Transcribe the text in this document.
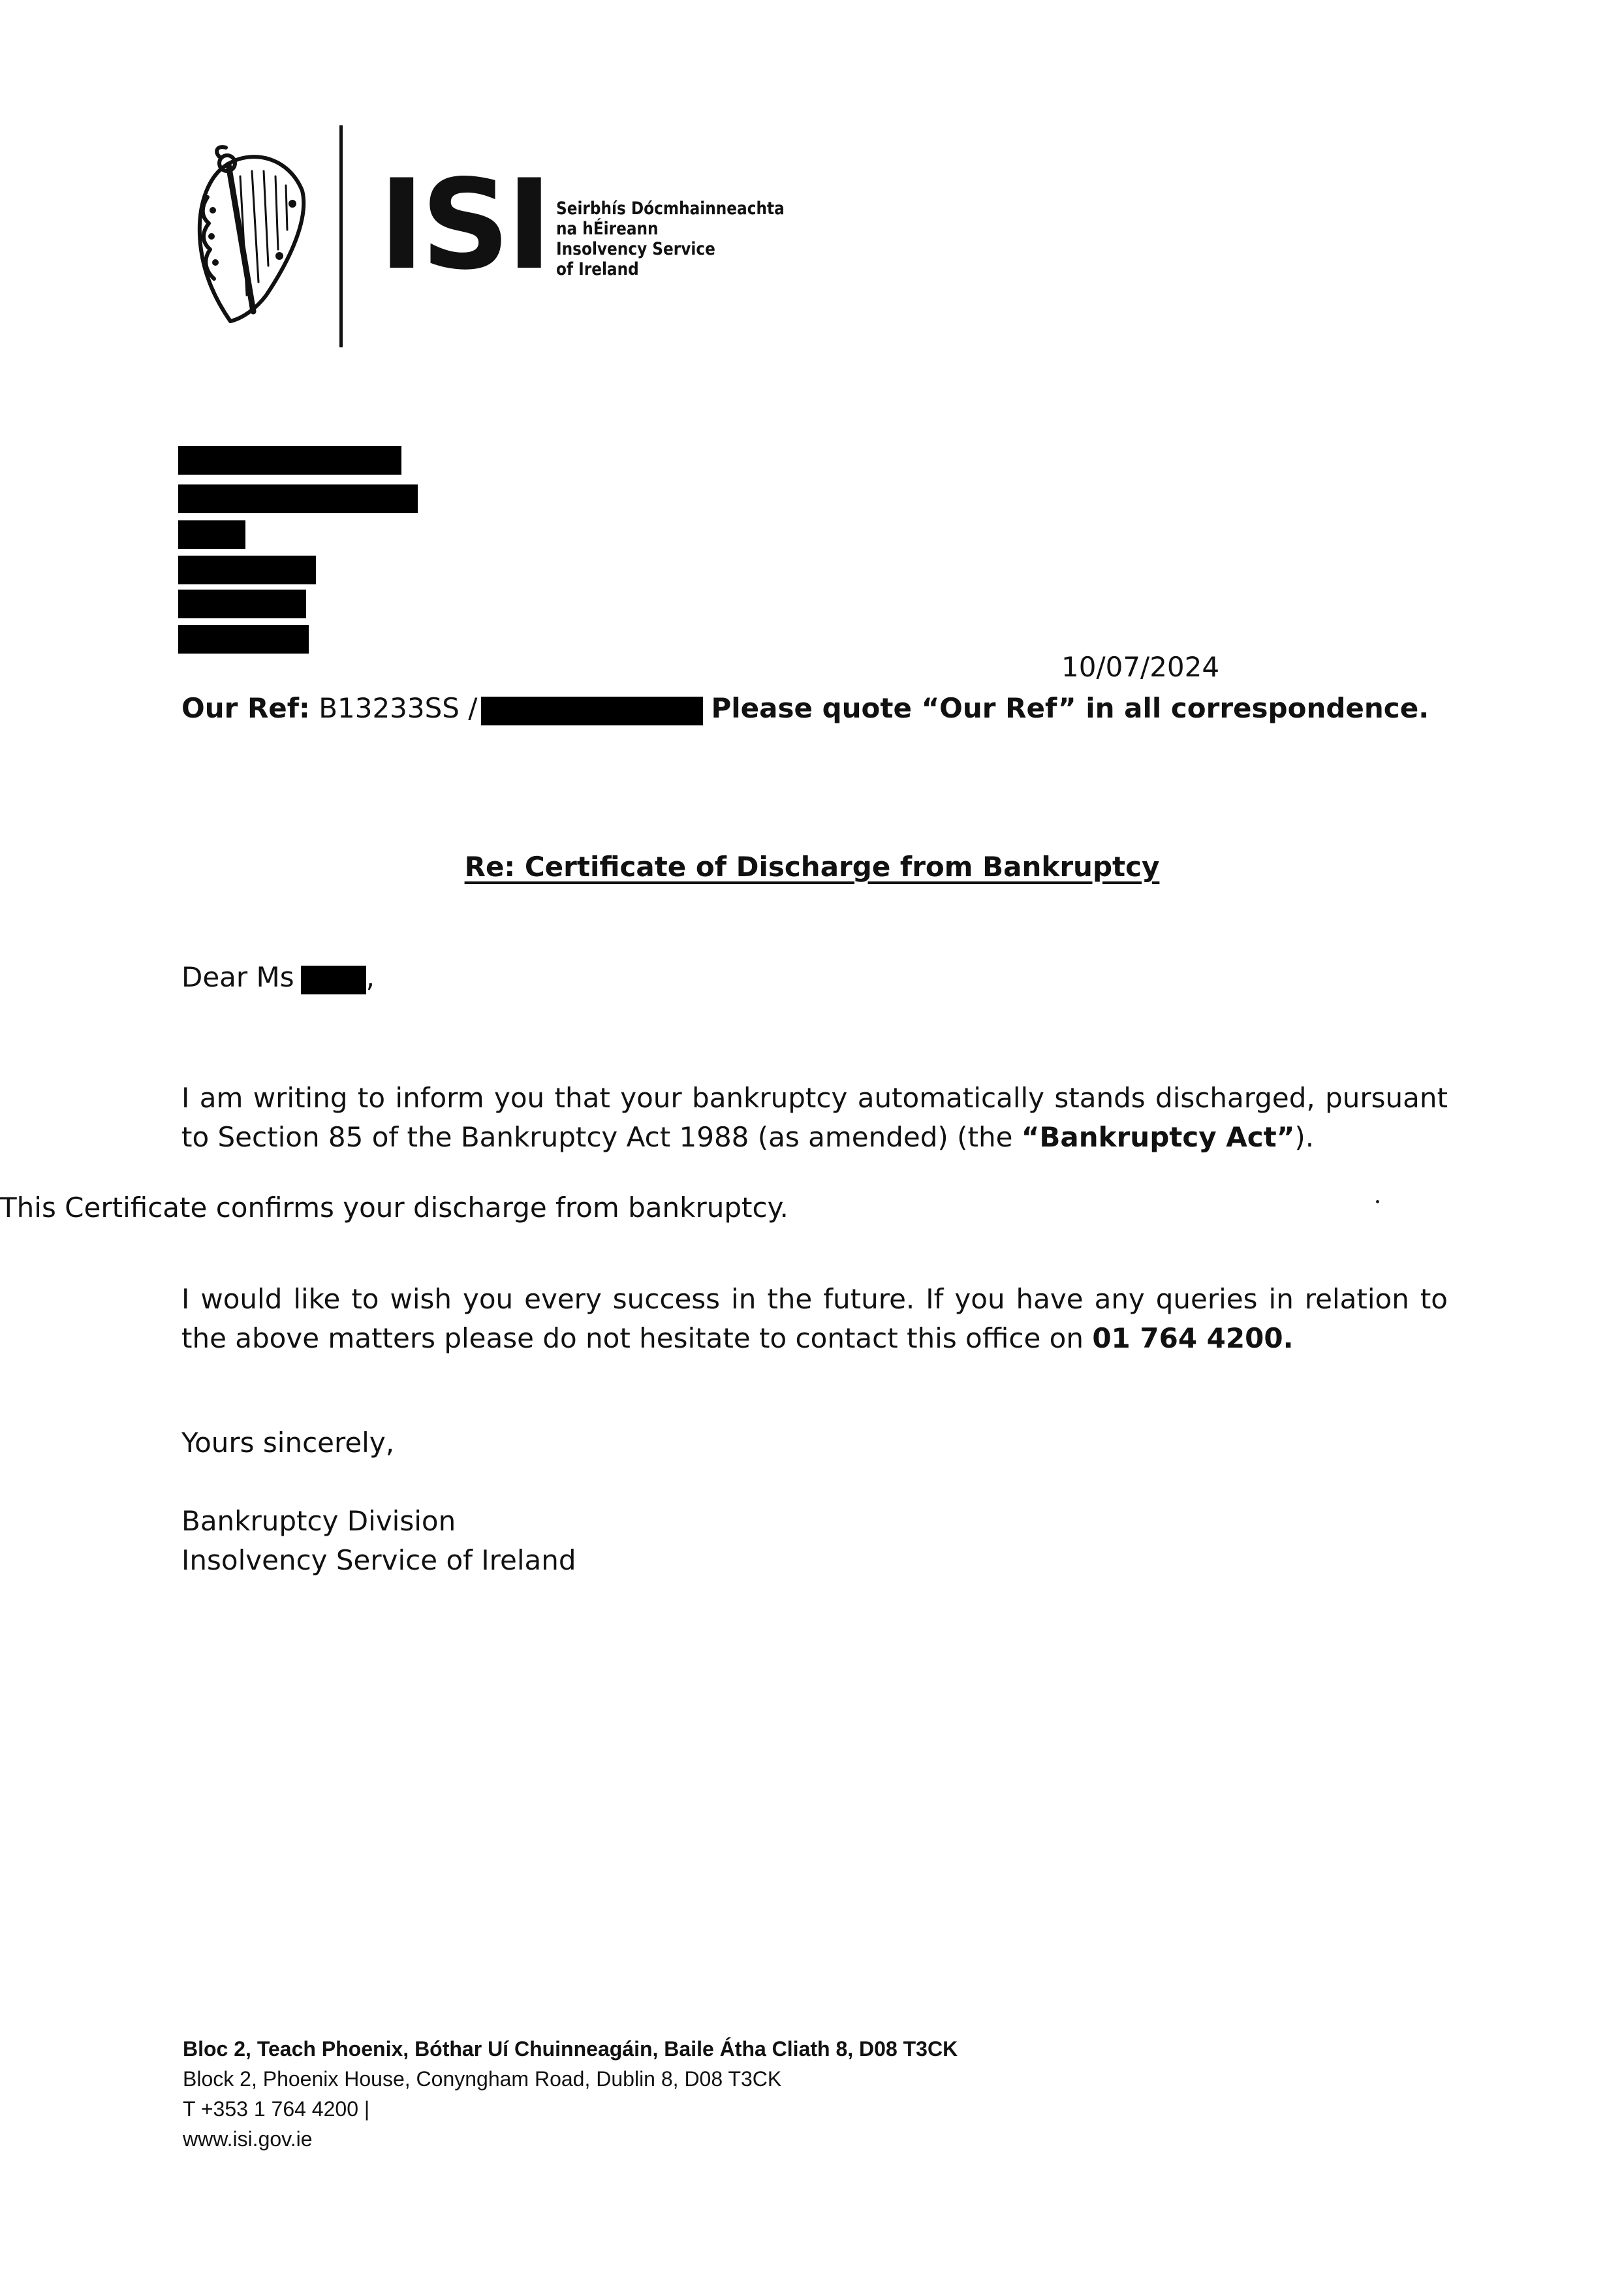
ISI Seirbhís Dócmhainneachta
na hÉireann
Insolvency Service
of Ireland
10/07/2024
Our Ref:
B13233SS /	Please quote “Our Ref” in all correspondence.
Re: Certificate of Discharge from Bankruptcy
Dear Ms	,
I am writing to inform you that your bankruptcy automatically stands discharged, pursuant to Section 85 of the Bankruptcy Act 1988 (as amended) (the “Bankruptcy Act”).
This Certificate confirms your discharge from bankruptcy.
I would like to wish you every success in the future. If you have any queries in relation to the above matters please do not hesitate to contact this office on 01 764 4200.
Yours sincerely,
Bankruptcy Division
Insolvency Service of Ireland
Bloc 2, Teach Phoenix, Bóthar Uí Chuinneagáin, Baile Átha Cliath 8, D08 T3CK
Block 2, Phoenix House, Conyngham Road, Dublin 8, D08 T3CK
T +353 1 764 4200 |
www.isi.gov.ie
